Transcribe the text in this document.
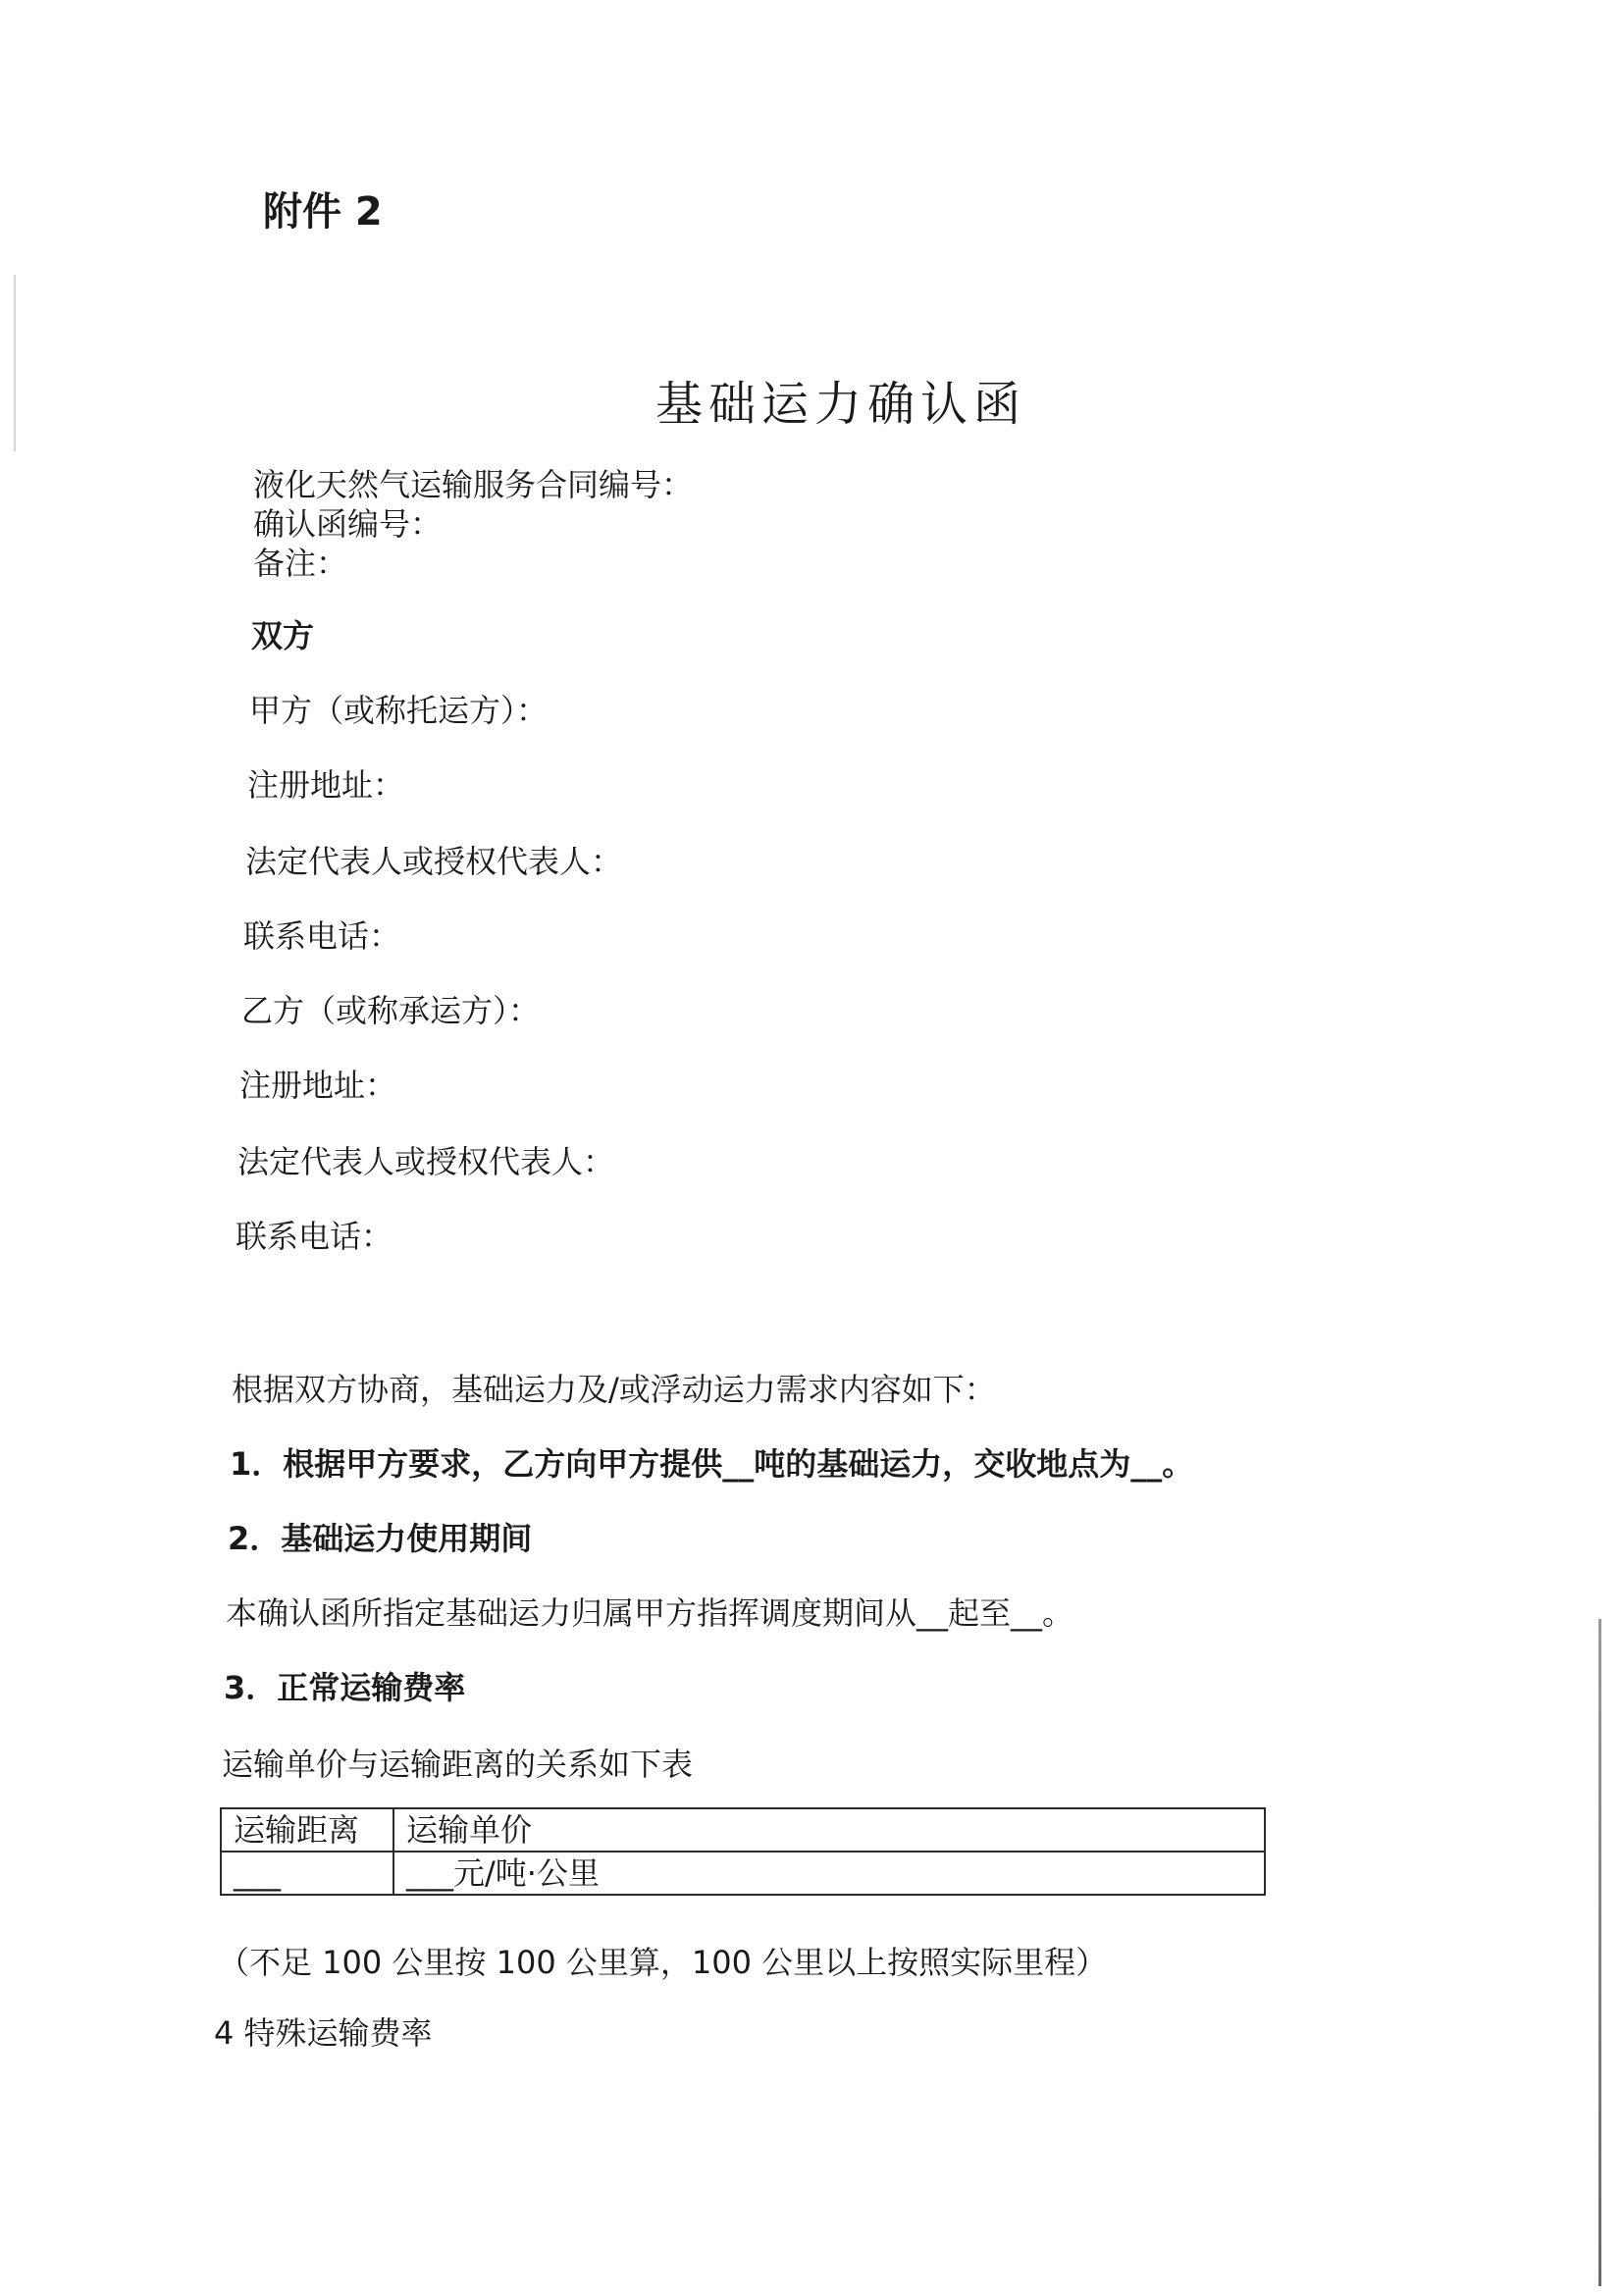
附件 2
基础运力确认函
液化天然气运输服务合同编号：
确认函编号：
备注：
双方
甲方（或称托运方）：
注册地址：
法定代表人或授权代表人：
联系电话：
乙方（或称承运方）：
注册地址：
法定代表人或授权代表人：
联系电话：
根据双方协商，基础运力及/或浮动运力需求内容如下：
1．根据甲方要求，乙方向甲方提供__吨的基础运力，交收地点为__。
2．基础运力使用期间
本确认函所指定基础运力归属甲方指挥调度期间从__起至__。
3．正常运输费率
运输单价与运输距离的关系如下表
运输距离	运输单价
___	___元/吨·公里
（不足 100 公里按 100 公里算，100 公里以上按照实际里程）
4 特殊运输费率
